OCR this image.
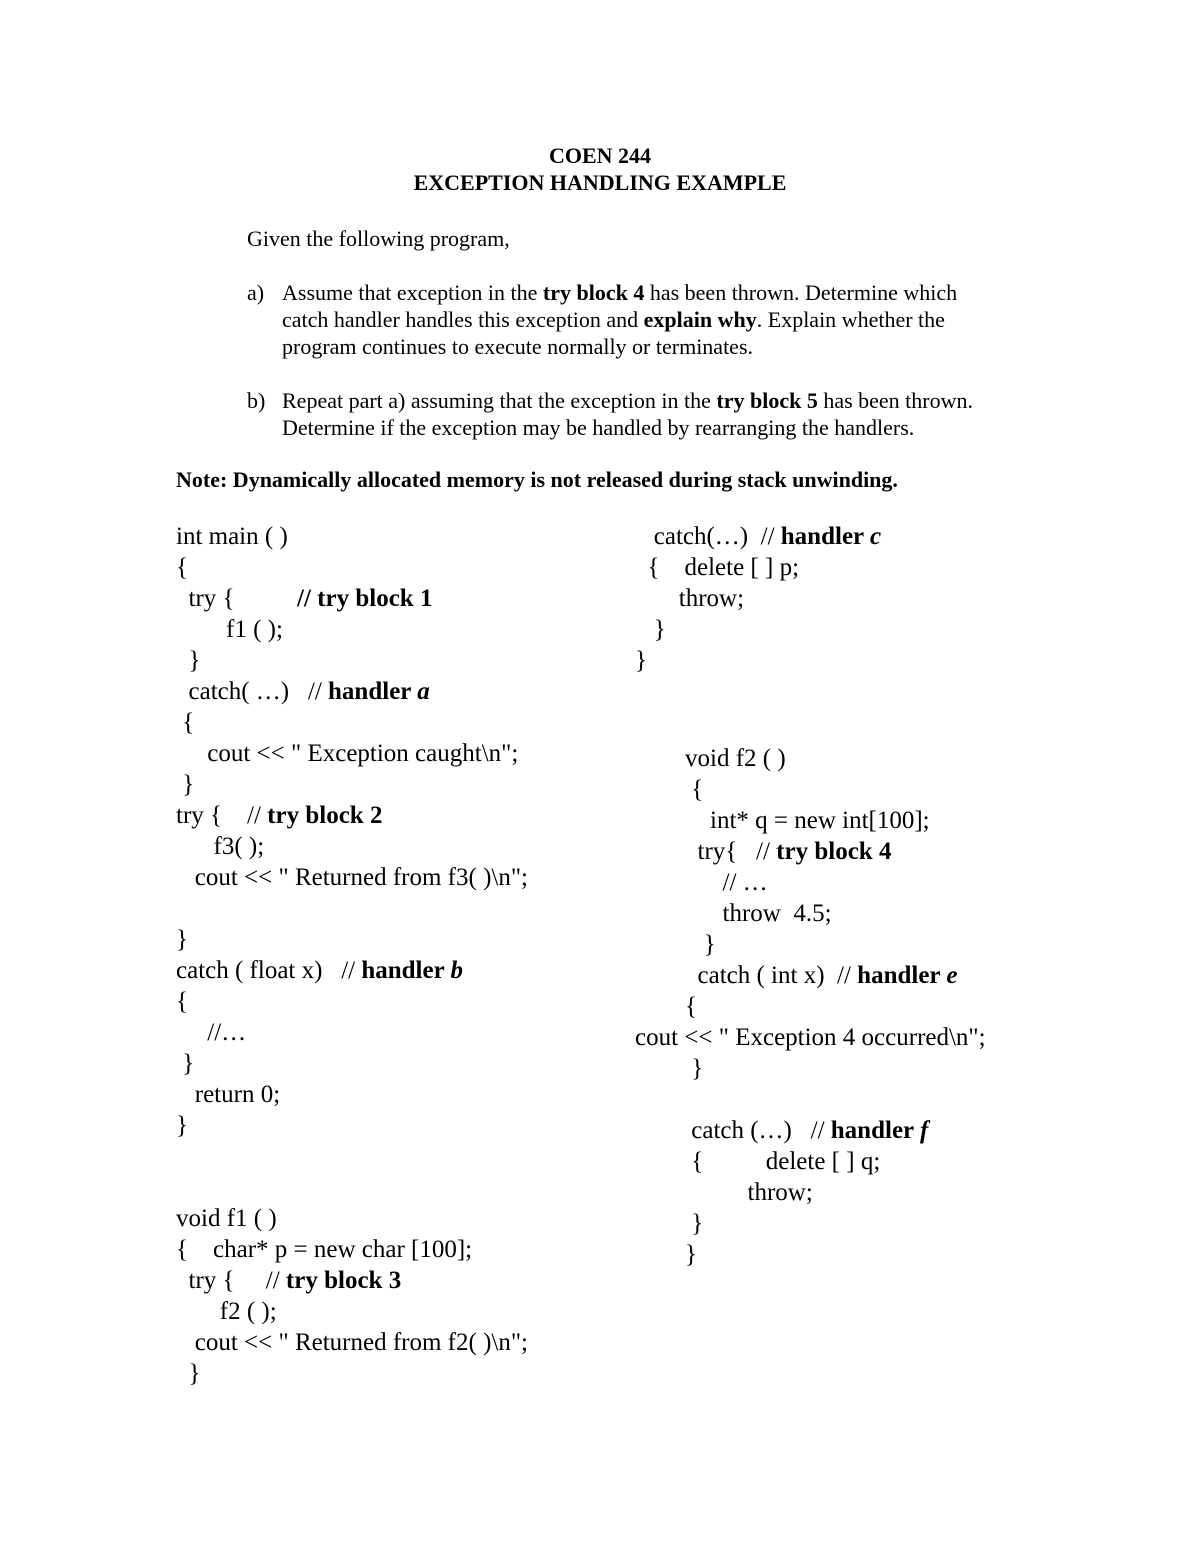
COEN 244
EXCEPTION HANDLING EXAMPLE
Given the following program,
a) Assume that exception in the try block 4 has been thrown. Determine which
catch handler handles this exception and explain why. Explain whether the
program continues to execute normally or terminates.
b) Repeat part a) assuming that the exception in the try block 5 has been thrown.
Determine if the exception may be handled by rearranging the handlers.
Note: Dynamically allocated memory is not released during stack unwinding.
int main ( )
{
try {          // try block 1
f1 ( );
}
catch( …)   // handler a
{
cout << " Exception caught\n";
}
try {    // try block 2
f3( );
cout << " Returned from f3( )\n";

}
catch ( float x)   // handler b
{
//…
}
return 0;
}

void f1 ( )
{    char* p = new char [100];
try {     // try block 3
f2 ( );
cout << " Returned from f2( )\n";
}
catch(…)  // handler c
{    delete [ ] p;
throw;
}
}
void f2 ( )
{
int* q = new int[100];
try{   // try block 4
// …
throw  4.5;
}
catch ( int x)  // handler e
{
cout << " Exception 4 occurred\n";
}

catch (…)   // handler f
{          delete [ ] q;
throw;
}
}
